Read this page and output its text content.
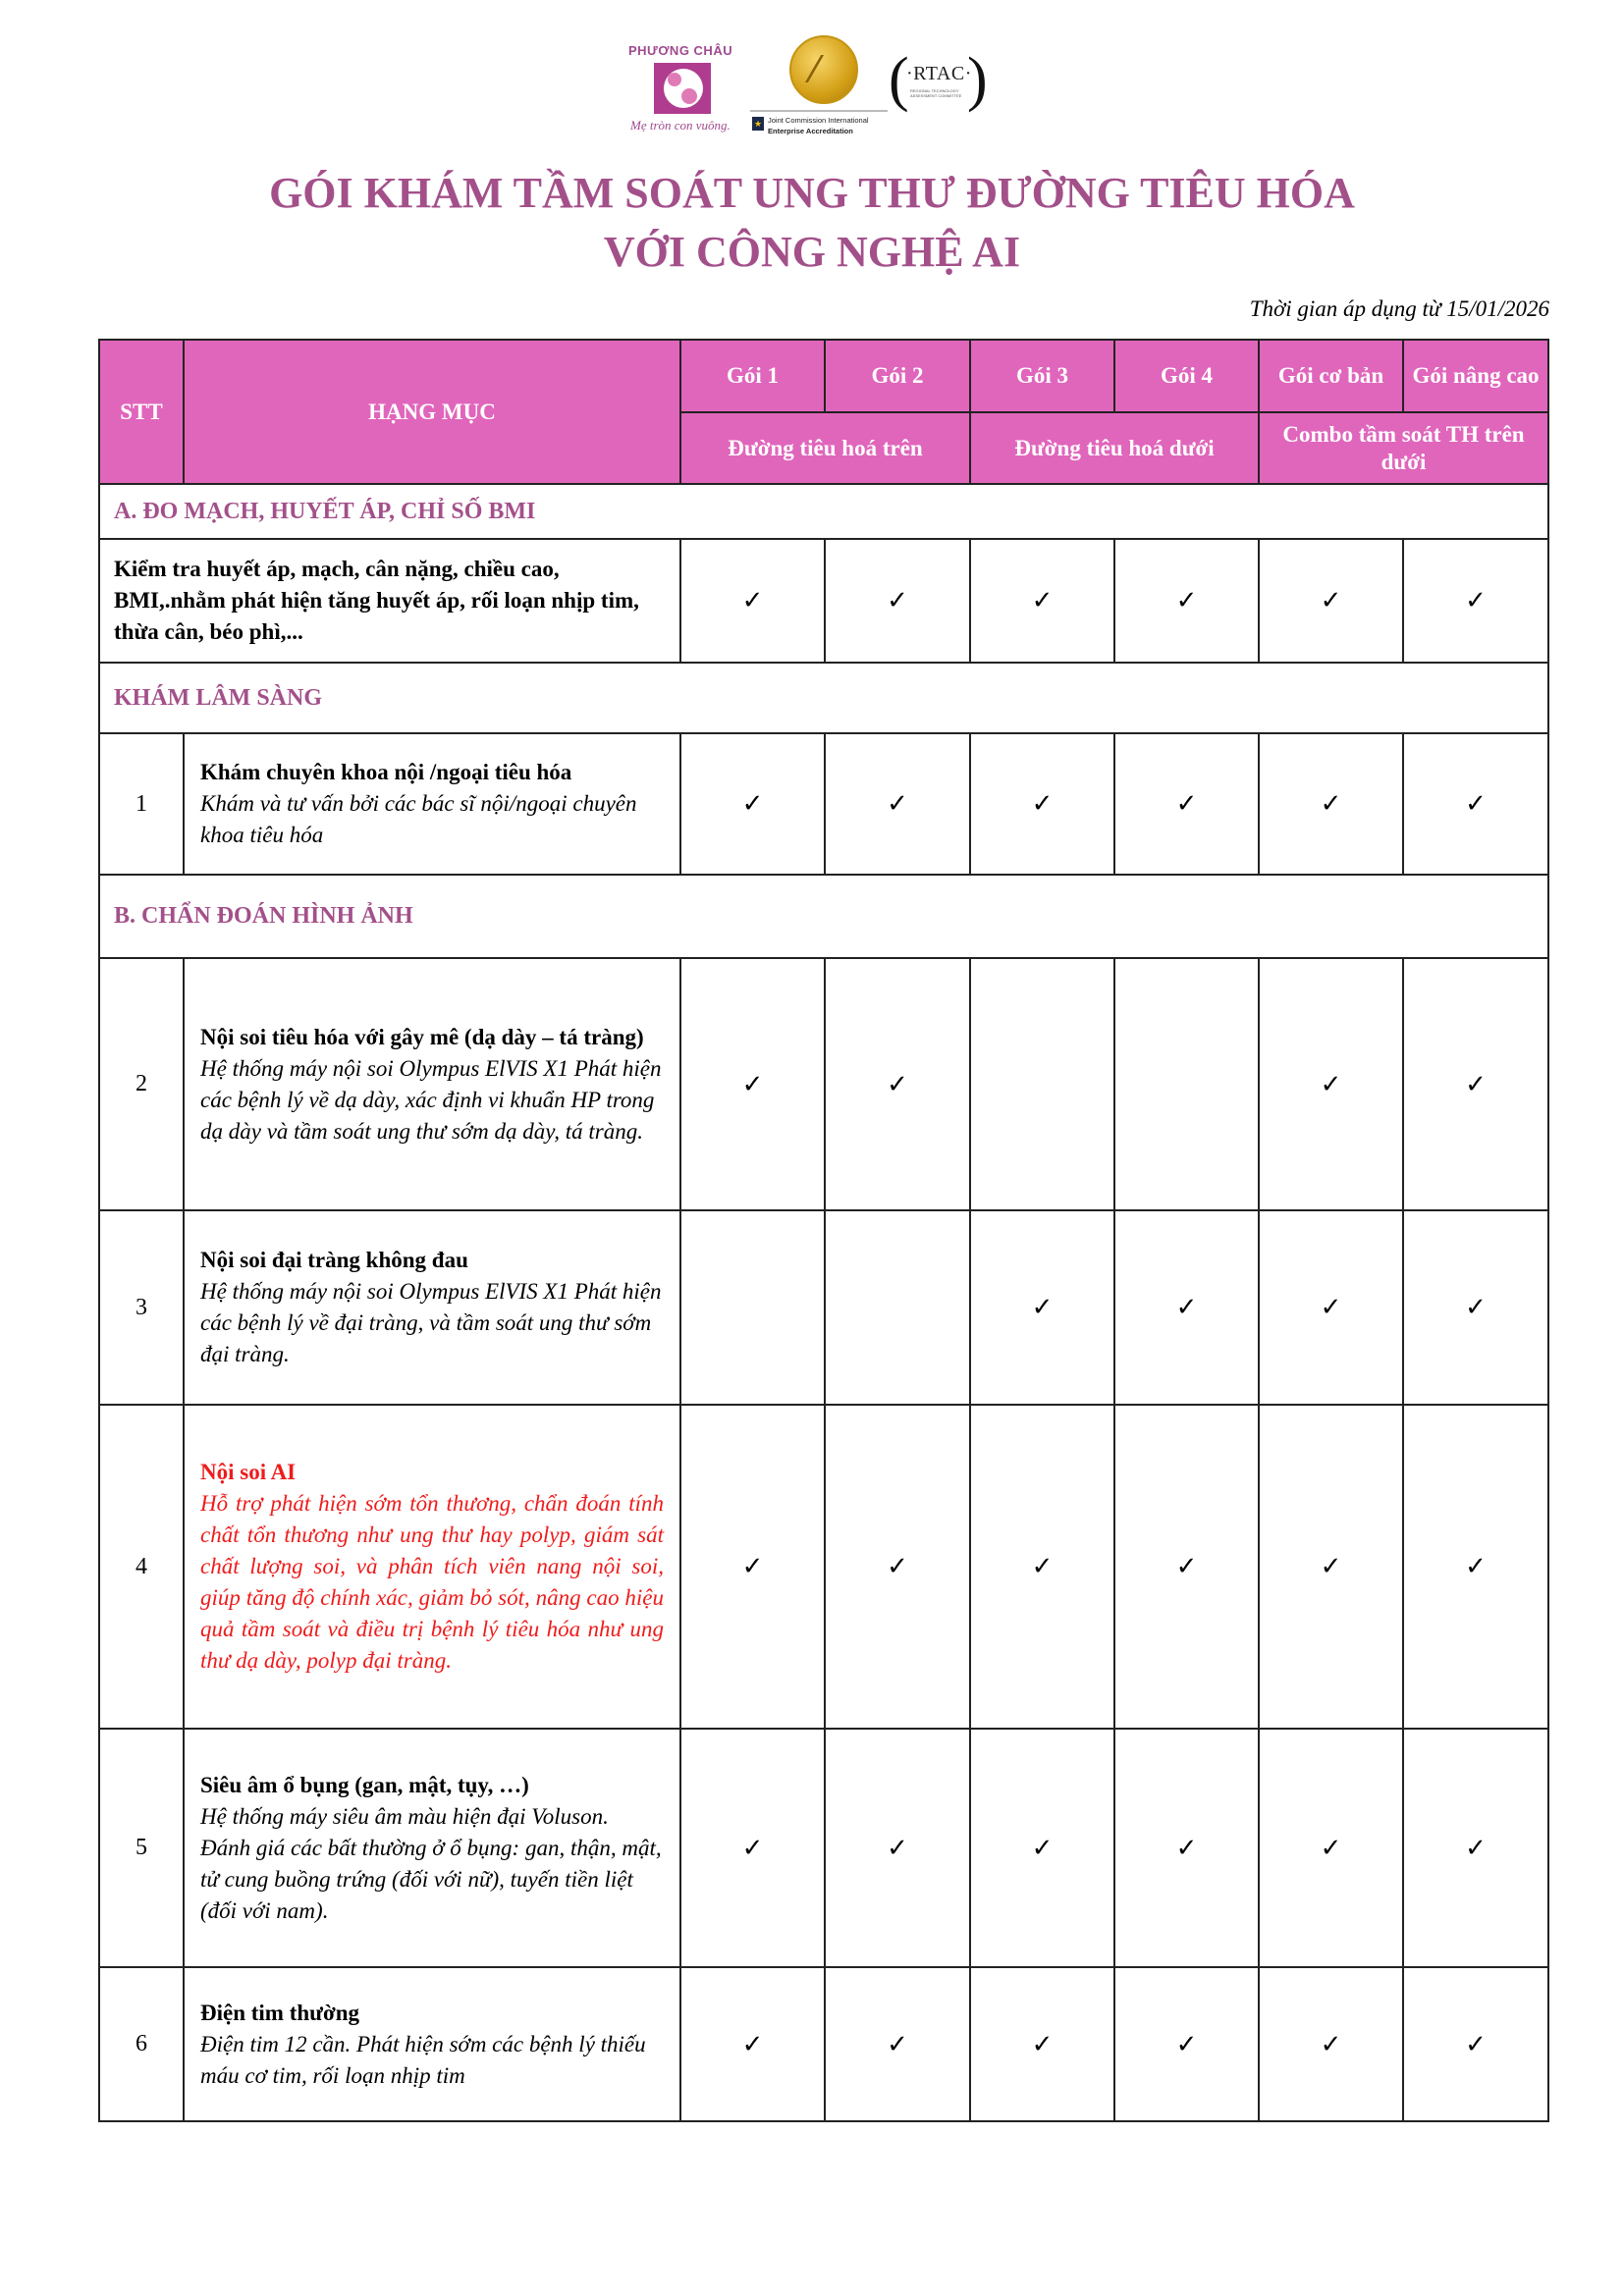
PHƯƠNG CHÂU
Mẹ tròn con vuông.	★ Joint Commission International
Enterprise Accreditation
(
·RTAC·
REGIONAL TECHNOLOGY ASSESSMENT COMMITTEE )
GÓI KHÁM TẦM SOÁT UNG THƯ ĐƯỜNG TIÊU HÓA
VỚI CÔNG NGHỆ AI
Thời gian áp dụng từ 15/01/2026
STT	HẠNG MỤC	Gói 1	Gói 2	Gói 3	Gói 4	Gói cơ bản	Gói nâng cao
		Đường tiêu hoá trên		Đường tiêu hoá dưới		Combo tầm soát TH trên dưới	
A. ĐO MẠCH, HUYẾT ÁP, CHỈ SỐ BMI							
Kiểm tra huyết áp, mạch, cân nặng, chiều cao, BMI,.nhằm phát hiện tăng huyết áp, rối loạn nhịp tim, thừa cân, béo phì,...		✓	✓	✓	✓	✓	✓
KHÁM LÂM SÀNG							
1	Khám chuyên khoa nội /ngoại tiêu hóa
Khám và tư vấn bởi các bác sĩ nội/ngoại chuyên khoa tiêu hóa	✓	✓	✓	✓	✓	✓
B. CHẨN ĐOÁN HÌNH ẢNH							
2	Nội soi tiêu hóa với gây mê (dạ dày – tá tràng)
Hệ thống máy nội soi Olympus ElVIS X1 Phát hiện các bệnh lý về dạ dày, xác định vi khuẩn HP trong dạ dày và tầm soát ung thư sớm dạ dày, tá tràng.	✓	✓			✓	✓
3	Nội soi đại tràng không đau
Hệ thống máy nội soi Olympus ElVIS X1 Phát hiện các bệnh lý về đại tràng, và tầm soát ung thư sớm đại tràng.			✓	✓	✓	✓
4	Nội soi AI
Hỗ trợ phát hiện sớm tổn thương, chẩn đoán tính chất tổn thương như ung thư hay polyp, giám sát chất lượng soi, và phân tích viên nang nội soi, giúp tăng độ chính xác, giảm bỏ sót, nâng cao hiệu quả tầm soát và điều trị bệnh lý tiêu hóa như ung thư dạ dày, polyp đại tràng.	✓	✓	✓	✓	✓	✓
5	Siêu âm ổ bụng (gan, mật, tụy, …)
Hệ thống máy siêu âm màu hiện đại Voluson.
Đánh giá các bất thường ở ổ bụng: gan, thận, mật, tử cung buồng trứng (đối với nữ), tuyến tiền liệt (đối với nam).	✓	✓	✓	✓	✓	✓
6	Điện tim thường
Điện tim 12 cần. Phát hiện sớm các bệnh lý thiếu máu cơ tim, rối loạn nhịp tim	✓	✓	✓	✓	✓	✓
